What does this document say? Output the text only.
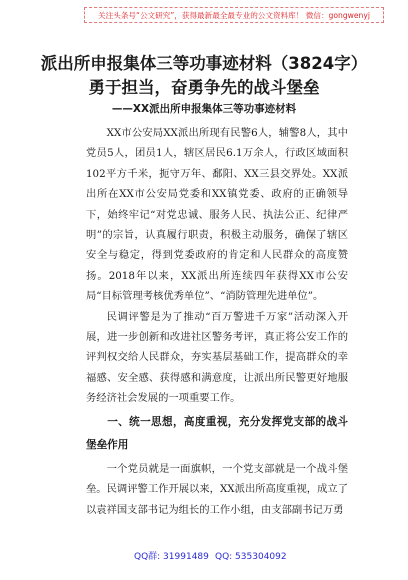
关注头条号“公文研究”，获得最新最全最专业的公文资料库！ 微信：gongwenyj
派出所申报集体三等功事迹材料（3824字）
勇于担当，奋勇争先的战斗堡垒
——XX派出所申报集体三等功事迹材料

XX市公安局XX派出所现有民警6人，辅警8人，其中党员5人，团员1人，辖区居民6.1万余人，行政区域面积102平方千米，扼守万年、鄱阳、XX三县交界处。XX派出所在XX市公安局党委和XX镇党委、政府的正确领导下，始终牢记“对党忠诚、服务人民、执法公正、纪律严明”的宗旨，认真履行职责，积极主动服务，确保了辖区安全与稳定，得到党委政府的肯定和人民群众的高度赞扬。2018年以来，XX派出所连续四年获得XX市公安局“目标管理考核优秀单位”、“消防管理先进单位”。

民调评警是为了推动“百万警进千万家”活动深入开展，进一步创新和改进社区警务考评，真正将公安工作的评判权交给人民群众，夯实基层基础工作，提高群众的幸福感、安全感、获得感和满意度，让派出所民警更好地服务经济社会发展的一项重要工作。

一、统一思想，高度重视，充分发挥党支部的战斗堡垒作用

一个党员就是一面旗帜，一个党支部就是一个战斗堡垒。民调评警工作开展以来，XX派出所高度重视，成立了以袁祥国支部书记为组长的工作小组，由支部副书记万勇

QQ群: 31991489 QQ: 535304092
